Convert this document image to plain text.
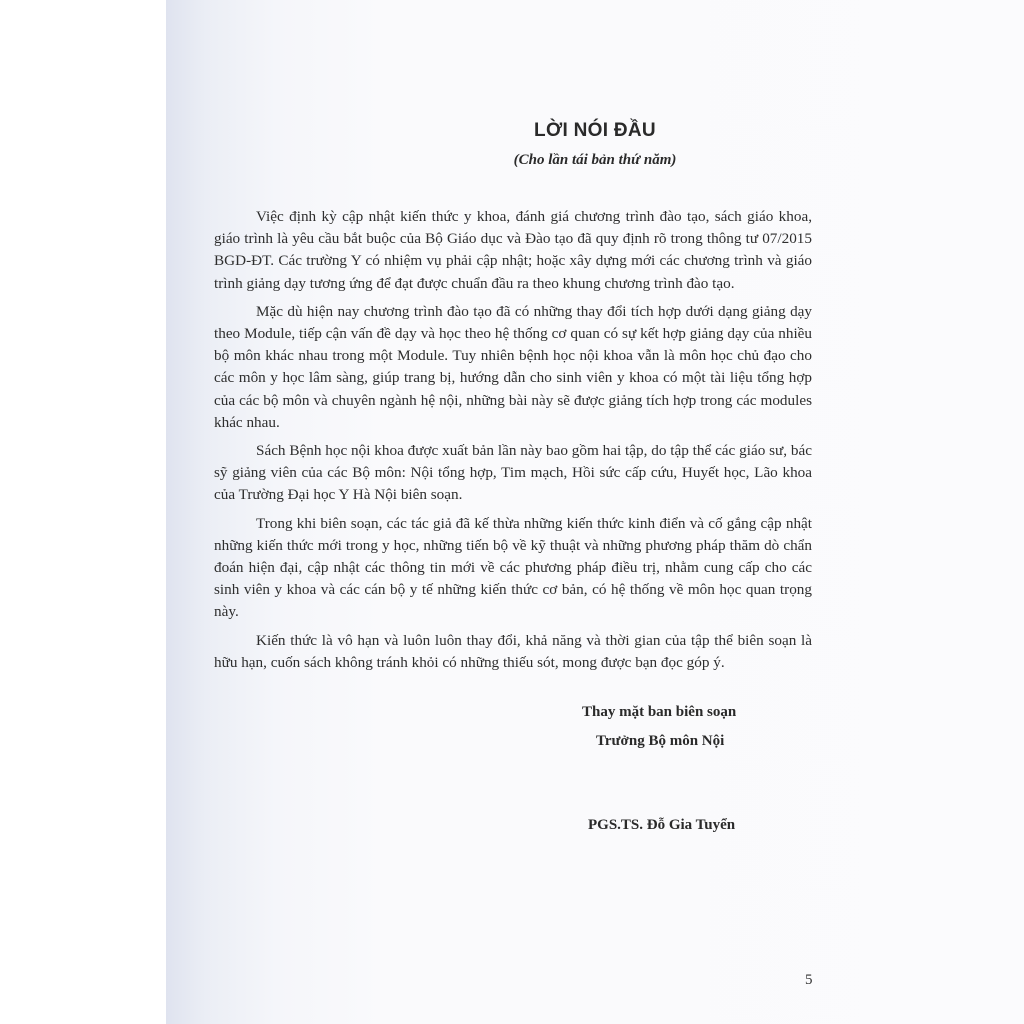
LỜI NÓI ĐẦU
(Cho lần tái bản thứ năm)

Việc định kỳ cập nhật kiến thức y khoa, đánh giá chương trình đào tạo, sách giáo khoa, giáo trình là yêu cầu bắt buộc của Bộ Giáo dục và Đào tạo đã quy định rõ trong thông tư 07/2015 BGD-ĐT. Các trường Y có nhiệm vụ phải cập nhật; hoặc xây dựng mới các chương trình và giáo trình giảng dạy tương ứng để đạt được chuẩn đầu ra theo khung chương trình đào tạo.

Mặc dù hiện nay chương trình đào tạo đã có những thay đổi tích hợp dưới dạng giảng dạy theo Module, tiếp cận vấn đề dạy và học theo hệ thống cơ quan có sự kết hợp giảng dạy của nhiều bộ môn khác nhau trong một Module. Tuy nhiên bệnh học nội khoa vẫn là môn học chủ đạo cho các môn y học lâm sàng, giúp trang bị, hướng dẫn cho sinh viên y khoa có một tài liệu tổng hợp của các bộ môn và chuyên ngành hệ nội, những bài này sẽ được giảng tích hợp trong các modules khác nhau.

Sách Bệnh học nội khoa được xuất bản lần này bao gồm hai tập, do tập thể các giáo sư, bác sỹ giảng viên của các Bộ môn: Nội tổng hợp, Tim mạch, Hồi sức cấp cứu, Huyết học, Lão khoa của Trường Đại học Y Hà Nội biên soạn.

Trong khi biên soạn, các tác giả đã kế thừa những kiến thức kinh điển và cố gắng cập nhật những kiến thức mới trong y học, những tiến bộ về kỹ thuật và những phương pháp thăm dò chẩn đoán hiện đại, cập nhật các thông tin mới về các phương pháp điều trị, nhằm cung cấp cho các sinh viên y khoa và các cán bộ y tế những kiến thức cơ bản, có hệ thống về môn học quan trọng này.

Kiến thức là vô hạn và luôn luôn thay đổi, khả năng và thời gian của tập thể biên soạn là hữu hạn, cuốn sách không tránh khỏi có những thiếu sót, mong được bạn đọc góp ý.

Thay mặt ban biên soạn

Trưởng Bộ môn Nội

PGS.TS. Đỗ Gia Tuyển

5
